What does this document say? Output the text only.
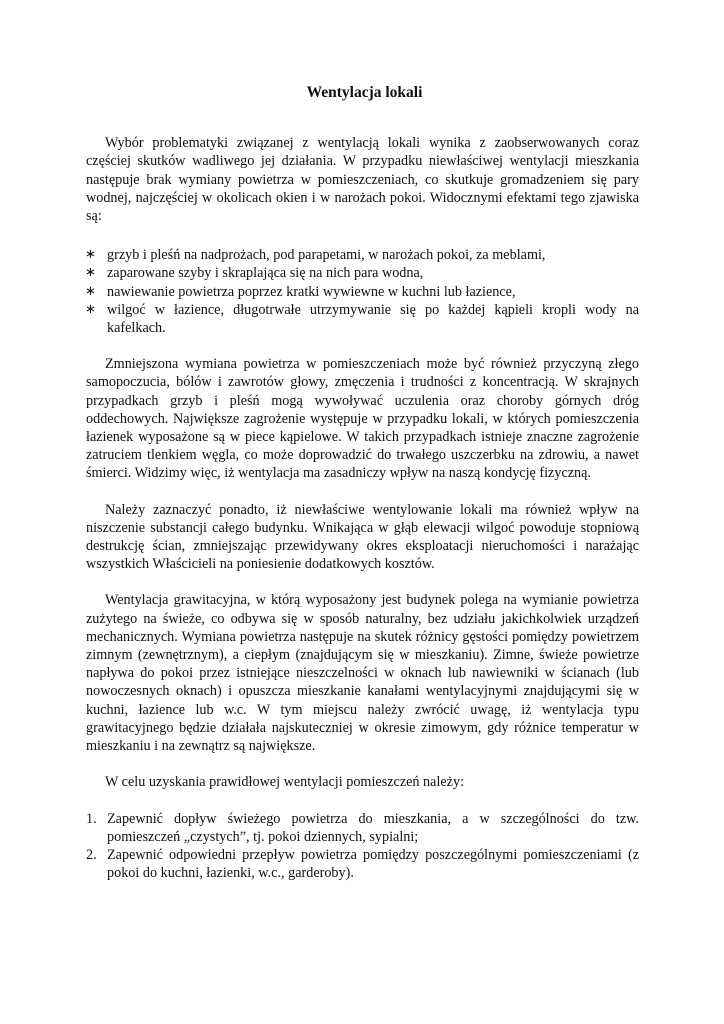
Wentylacja lokali

Wybór problematyki związanej z wentylacją lokali wynika z zaobserwowanych coraz częściej skutków wadliwego jej działania. W przypadku niewłaściwej wentylacji mieszkania następuje brak wymiany powietrza w pomieszczeniach, co skutkuje gromadzeniem się pary wodnej, najczęściej w okolicach okien i w narożach pokoi. Widocznymi efektami tego zjawiska są:

∗ grzyb i pleśń na nadprożach, pod parapetami, w narożach pokoi, za meblami,
∗ zaparowane szyby i skraplająca się na nich para wodna,
∗ nawiewanie powietrza poprzez kratki wywiewne w kuchni lub łazience,
∗ wilgoć w łazience, długotrwałe utrzymywanie się po każdej kąpieli kropli wody na kafelkach.

Zmniejszona wymiana powietrza w pomieszczeniach może być również przyczyną złego samopoczucia, bólów i zawrotów głowy, zmęczenia i trudności z koncentracją. W skrajnych przypadkach grzyb i pleśń mogą wywoływać uczulenia oraz choroby górnych dróg oddechowych. Największe zagrożenie występuje w przypadku lokali, w których pomieszczenia łazienek wyposażone są w piece kąpielowe. W takich przypadkach istnieje znaczne zagrożenie zatruciem tlenkiem węgla, co może doprowadzić do trwałego uszczerbku na zdrowiu, a nawet śmierci. Widzimy więc, iż wentylacja ma zasadniczy wpływ na naszą kondycję fizyczną.

Należy zaznaczyć ponadto, iż niewłaściwe wentylowanie lokali ma również wpływ na niszczenie substancji całego budynku. Wnikająca w głąb elewacji wilgoć powoduje stopniową destrukcję ścian, zmniejszając przewidywany okres eksploatacji nieruchomości i narażając wszystkich Właścicieli na poniesienie dodatkowych kosztów.

Wentylacja grawitacyjna, w którą wyposażony jest budynek polega na wymianie powietrza zużytego na świeże, co odbywa się w sposób naturalny, bez udziału jakichkolwiek urządzeń mechanicznych. Wymiana powietrza następuje na skutek różnicy gęstości pomiędzy powietrzem zimnym (zewnętrznym), a ciepłym (znajdującym się w mieszkaniu). Zimne, świeże powietrze napływa do pokoi przez istniejące nieszczelności w oknach lub nawiewniki w ścianach (lub nowoczesnych oknach) i opuszcza mieszkanie kanałami wentylacyjnymi znajdującymi się w kuchni, łazience lub w.c. W tym miejscu należy zwrócić uwagę, iż wentylacja typu grawitacyjnego będzie działała najskuteczniej w okresie zimowym, gdy różnice temperatur w mieszkaniu i na zewnątrz są największe.

W celu uzyskania prawidłowej wentylacji pomieszczeń należy:

1. Zapewnić dopływ świeżego powietrza do mieszkania, a w szczególności do tzw. pomieszczeń „czystych”, tj. pokoi dziennych, sypialni;
2. Zapewnić odpowiedni przepływ powietrza pomiędzy poszczególnymi pomieszczeniami (z pokoi do kuchni, łazienki, w.c., garderoby).
